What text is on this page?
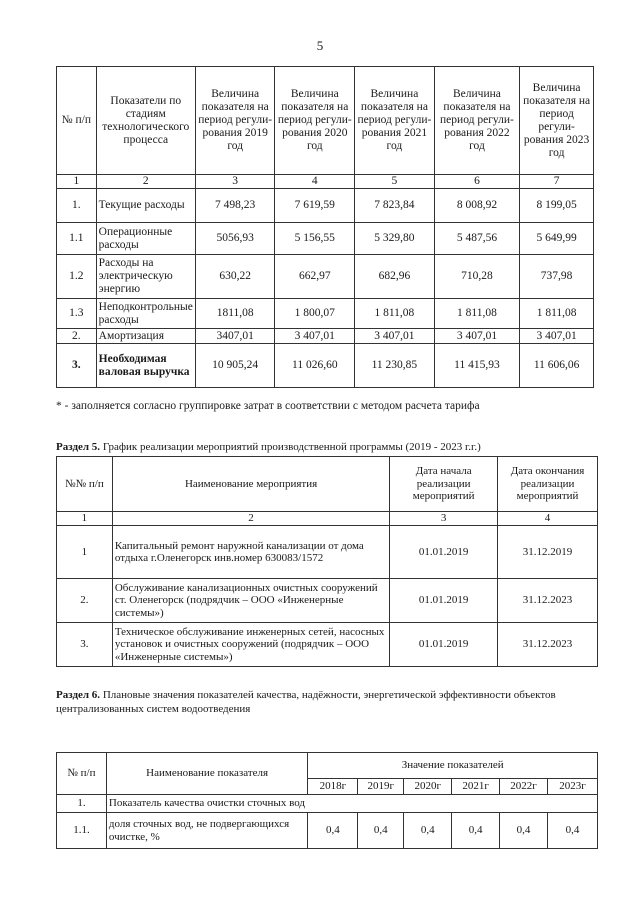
5
№ п/п	Показатели по стадиям технологического процесса	Величина показателя на период регули-рования 2019 год	Величина показателя на период регули-рования 2020 год	Величина показателя на период регули-рования 2021 год	Величина показателя на период регули-рования 2022 год	Величина показателя на период регули-рования 2023 год
1	2	3	4	5	6	7
1.	Текущие расходы	7 498,23	7 619,59	7 823,84	8 008,92	8 199,05
1.1	Операционные расходы	5056,93	5 156,55	5 329,80	5 487,56	5 649,99
1.2	Расходы на электрическую энергию	630,22	662,97	682,96	710,28	737,98
1.3	Неподконтрольные расходы	1811,08	1 800,07	1 811,08	1 811,08	1 811,08
2.	Амортизация	3407,01	3 407,01	3 407,01	3 407,01	3 407,01
3.	Необходимая валовая выручка	10 905,24	11 026,60	11 230,85	11 415,93	11 606,06
* - заполняется согласно группировке затрат в соответствии с методом расчета тарифа
Раздел 5. График реализации мероприятий производственной программы (2019 - 2023 г.г.)
№№ п/п	Наименование мероприятия	Дата начала реализации мероприятий	Дата окончания реализации мероприятий
1	2	3	4
1	Капитальный ремонт наружной канализации от дома отдыха г.Оленегорск инв.номер 630083/1572	01.01.2019	31.12.2019
2.	Обслуживание канализационных очистных сооружений ст. Оленегорск (подрядчик – ООО «Инженерные системы»)	01.01.2019	31.12.2023
3.	Техническое обслуживание инженерных сетей, насосных установок и очистных сооружений (подрядчик – ООО «Инженерные системы»)	01.01.2019	31.12.2023
Раздел 6. Плановые значения показателей качества, надёжности, энергетической эффективности объектов централизованных систем водоотведения
№ п/п	Наименование показателя	Значение показателей					
		2018г	2019г	2020г	2021г	2022г	2023г
1.	Показатель качества очистки сточных вод						
1.1.	доля сточных вод, не подвергающихся очистке, %	0,4	0,4	0,4	0,4	0,4	0,4
